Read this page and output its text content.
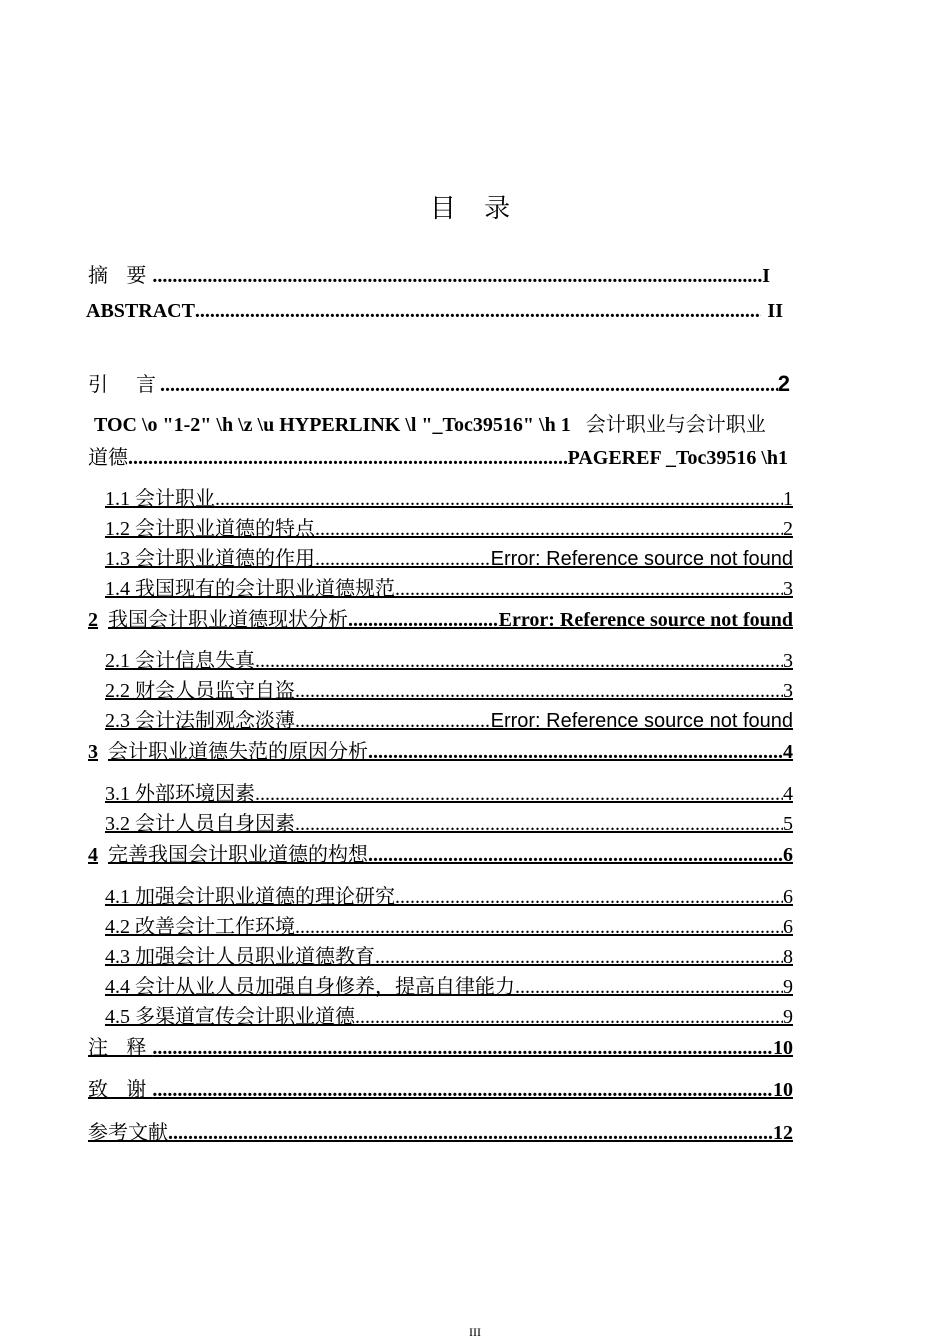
目 录
摘 要 .....	I
ABSTRACT .....	II
引　言 .....	2
TOC \o "1-2" \h \z \u HYPERLINK \l "_Toc39516" \h 1 会计职业与会计职业
道德 .....	PAGEREF _Toc39516 \h1
1.1 会计职业 .....	1
1.2 会计职业道德的特点 .....	2
1.3 会计职业道德的作用 .....	Error: Reference source not found
1.4 我国现有的会计职业道德规范 .....	3
2 我国会计职业道德现状分析 .....	Error: Reference source not found
2.1 会计信息失真 .....	3
2.2 财会人员监守自盗 .....	3
2.3 会计法制观念淡薄 .....	Error: Reference source not found
3 会计职业道德失范的原因分析 .....	4
3.1 外部环境因素 .....	4
3.2 会计人员自身因素 .....	5
4 完善我国会计职业道德的构想 .....	6
4.1 加强会计职业道德的理论研究 .....	6
4.2 改善会计工作环境 .....	6
4.3 加强会计人员职业道德教育 .....	8
4.4 会计从业人员加强自身修养，提高自律能力 .....	9
4.5 多渠道宣传会计职业道德 .....	9
注 释 .....	10
致 谢 .....	10
参考文献 .....	12
III
